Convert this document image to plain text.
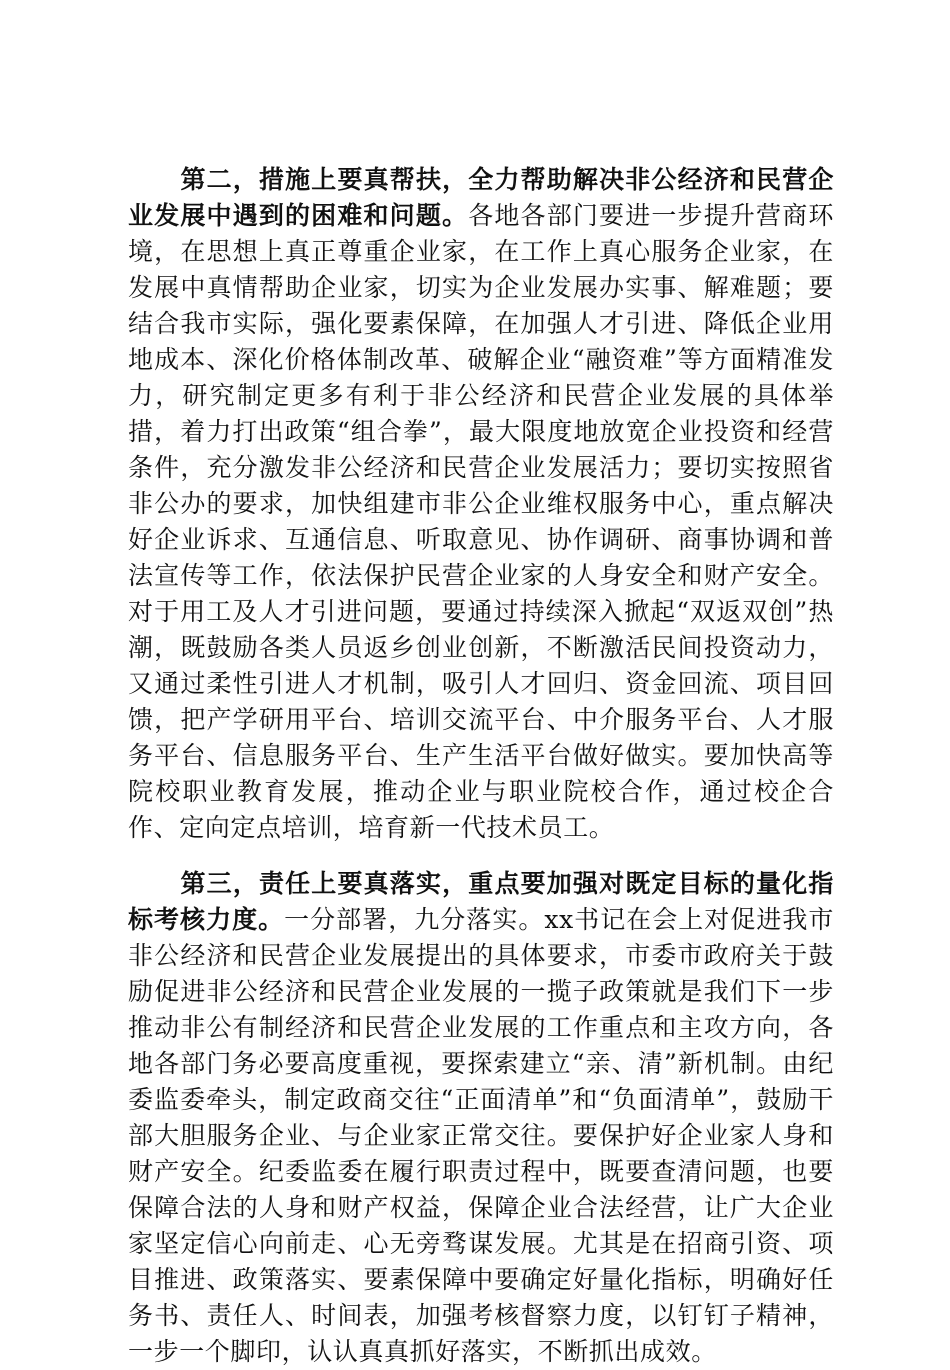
第二，措施上要真帮扶，全力帮助解决非公经济和民营企业发展中遇到的困难和问题。各地各部门要进一步提升营商环境，在思想上真正尊重企业家，在工作上真心服务企业家，在发展中真情帮助企业家，切实为企业发展办实事、解难题；要结合我市实际，强化要素保障，在加强人才引进、降低企业用地成本、深化价格体制改革、破解企业“融资难”等方面精准发力，研究制定更多有利于非公经济和民营企业发展的具体举措，着力打出政策“组合拳”，最大限度地放宽企业投资和经营条件，充分激发非公经济和民营企业发展活力；要切实按照省非公办的要求，加快组建市非公企业维权服务中心，重点解决好企业诉求、互通信息、听取意见、协作调研、商事协调和普法宣传等工作，依法保护民营企业家的人身安全和财产安全。对于用工及人才引进问题，要通过持续深入掀起“双返双创”热潮，既鼓励各类人员返乡创业创新，不断激活民间投资动力，又通过柔性引进人才机制，吸引人才回归、资金回流、项目回馈，把产学研用平台、培训交流平台、中介服务平台、人才服务平台、信息服务平台、生产生活平台做好做实。要加快高等院校职业教育发展，推动企业与职业院校合作，通过校企合作、定向定点培训，培育新一代技术员工。

第三，责任上要真落实，重点要加强对既定目标的量化指标考核力度。一分部署，九分落实。xx书记在会上对促进我市非公经济和民营企业发展提出的具体要求，市委市政府关于鼓励促进非公经济和民营企业发展的一揽子政策就是我们下一步推动非公有制经济和民营企业发展的工作重点和主攻方向，各地各部门务必要高度重视，要探索建立“亲、清”新机制。由纪委监委牵头，制定政商交往“正面清单”和“负面清单”，鼓励干部大胆服务企业、与企业家正常交往。要保护好企业家人身和财产安全。纪委监委在履行职责过程中，既要查清问题，也要保障合法的人身和财产权益，保障企业合法经营，让广大企业家坚定信心向前走、心无旁骛谋发展。尤其是在招商引资、项目推进、政策落实、要素保障中要确定好量化指标，明确好任务书、责任人、时间表，加强考核督察力度，以钉钉子精神，一步一个脚印，认认真真抓好落实，不断抓出成效。
